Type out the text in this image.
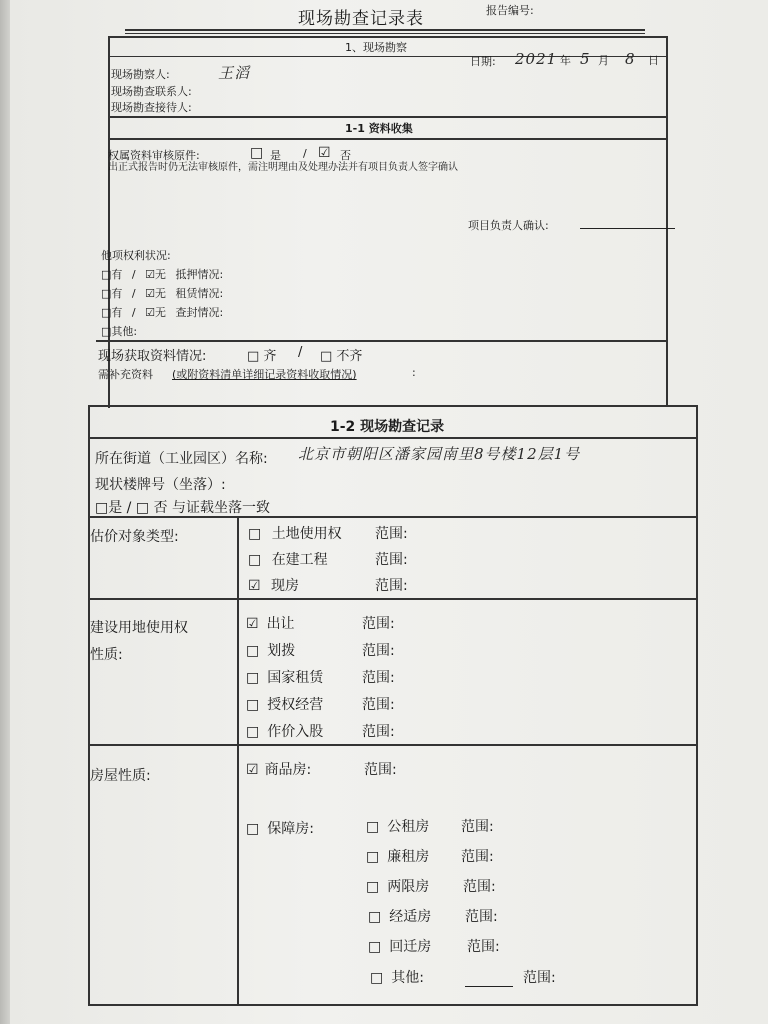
现场勘查记录表	报告编号:
1、现场勘察
日期: 2021 年 5 月 8 日
现场勘察人:	王滔
现场勘查联系人:
现场勘查接待人:
1-1 资料收集
权属资料审核原件:	□ 是 / ☑ 否
出正式报告时仍无法审核原件，需注明理由及处理办法并有项目负责人签字确认
项目负责人确认:
他项权利状况:
□有 / ☑无 抵押情况:
□有 / ☑无 租赁情况:
□有 / ☑无 查封情况:
□其他:
现场获取资料情况:	□ 齐 / □ 不齐
需补充资料 (或附资料清单详细记录资料收取情况)	:
1-2 现场勘查记录
所在街道（工业园区）名称: 北京市朝阳区潘家园南里8号楼12层1号
现状楼牌号（坐落）:
□是 / □ 否 与证载坐落一致
估价对象类型:	□ 土地使用权 范围:
□ 在建工程	范围:
☑ 现房	范围:
建设用地使用权
性质:
☑ 出让	范围:
□ 划拨	范围:
□ 国家租赁	范围:
□ 授权经营	范围:
□ 作价入股	范围:
房屋性质:	☑ 商品房:	范围:
□ 保障房:	□ 公租房 范围:
□ 廉租房 范围:
□ 两限房 范围:
□ 经适房 范围:
□ 回迁房	范围:
□ 其他:	范围:
